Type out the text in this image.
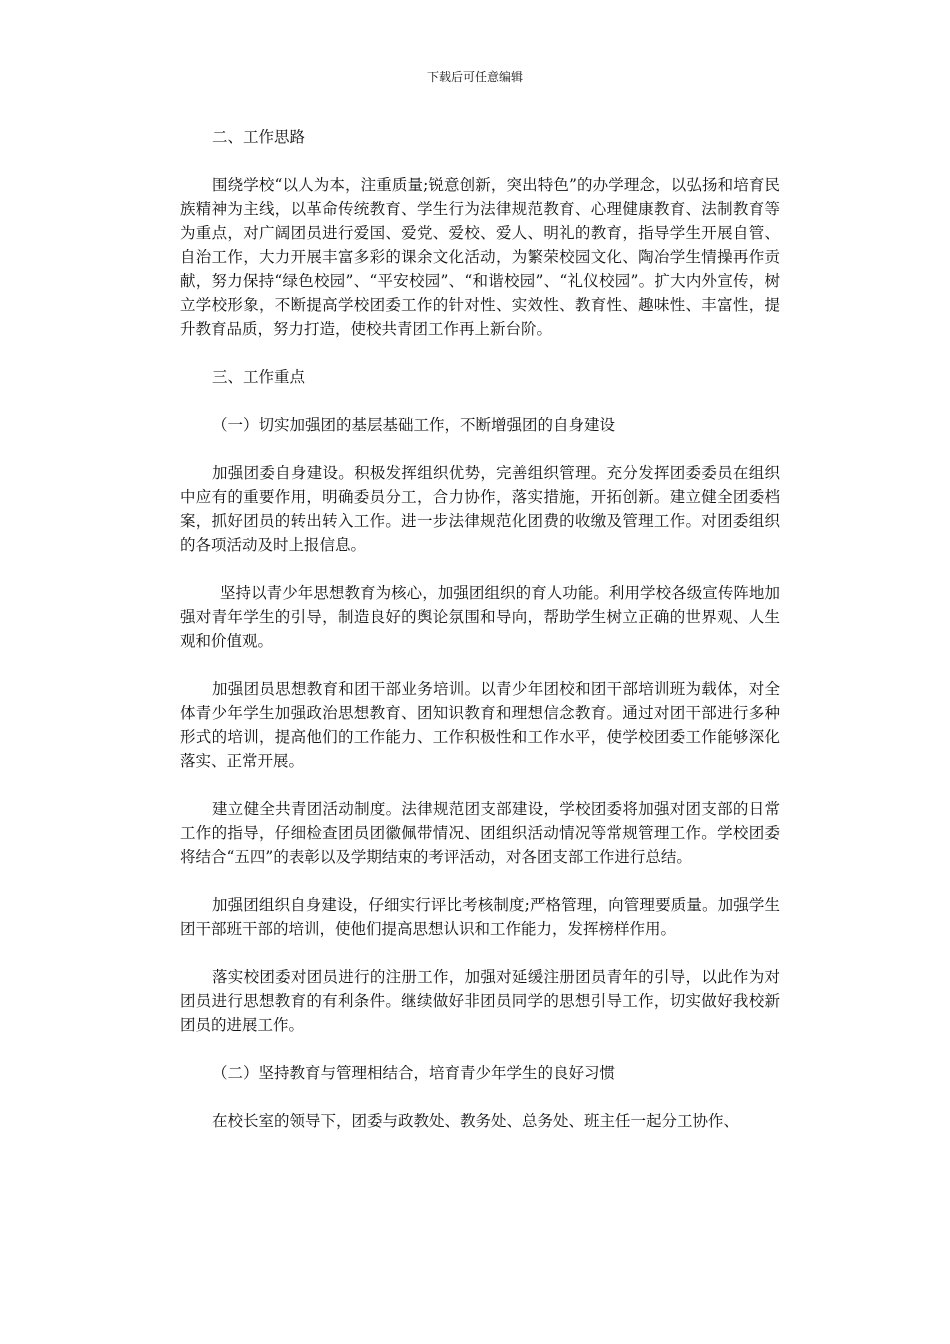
下载后可任意编辑

二、工作思路

围绕学校“以人为本，注重质量;锐意创新，突出特色”的办学理念，以弘扬和培育民族精神为主线，以革命传统教育、学生行为法律规范教育、心理健康教育、法制教育等为重点，对广阔团员进行爱国、爱党、爱校、爱人、明礼的教育，指导学生开展自管、自治工作，大力开展丰富多彩的课余文化活动，为繁荣校园文化、陶冶学生情操再作贡献，努力保持“绿色校园”、“平安校园”、“和谐校园”、“礼仪校园”。扩大内外宣传，树立学校形象，不断提高学校团委工作的针对性、实效性、教育性、趣味性、丰富性，提升教育品质，努力打造，使校共青团工作再上新台阶。

三、工作重点

（一）切实加强团的基层基础工作，不断增强团的自身建设

加强团委自身建设。积极发挥组织优势，完善组织管理。充分发挥团委委员在组织中应有的重要作用，明确委员分工，合力协作，落实措施，开拓创新。建立健全团委档案，抓好团员的转出转入工作。进一步法律规范化团费的收缴及管理工作。对团委组织的各项活动及时上报信息。

坚持以青少年思想教育为核心，加强团组织的育人功能。利用学校各级宣传阵地加强对青年学生的引导，制造良好的舆论氛围和导向，帮助学生树立正确的世界观、人生观和价值观。

加强团员思想教育和团干部业务培训。以青少年团校和团干部培训班为载体，对全体青少年学生加强政治思想教育、团知识教育和理想信念教育。通过对团干部进行多种形式的培训，提高他们的工作能力、工作积极性和工作水平，使学校团委工作能够深化落实、正常开展。

建立健全共青团活动制度。法律规范团支部建设，学校团委将加强对团支部的日常工作的指导，仔细检查团员团徽佩带情况、团组织活动情况等常规管理工作。学校团委将结合“五四”的表彰以及学期结束的考评活动，对各团支部工作进行总结。

加强团组织自身建设，仔细实行评比考核制度;严格管理，向管理要质量。加强学生团干部班干部的培训，使他们提高思想认识和工作能力，发挥榜样作用。

落实校团委对团员进行的注册工作，加强对延缓注册团员青年的引导，以此作为对团员进行思想教育的有利条件。继续做好非团员同学的思想引导工作，切实做好我校新团员的进展工作。

（二）坚持教育与管理相结合，培育青少年学生的良好习惯

在校长室的领导下，团委与政教处、教务处、总务处、班主任一起分工协作、
